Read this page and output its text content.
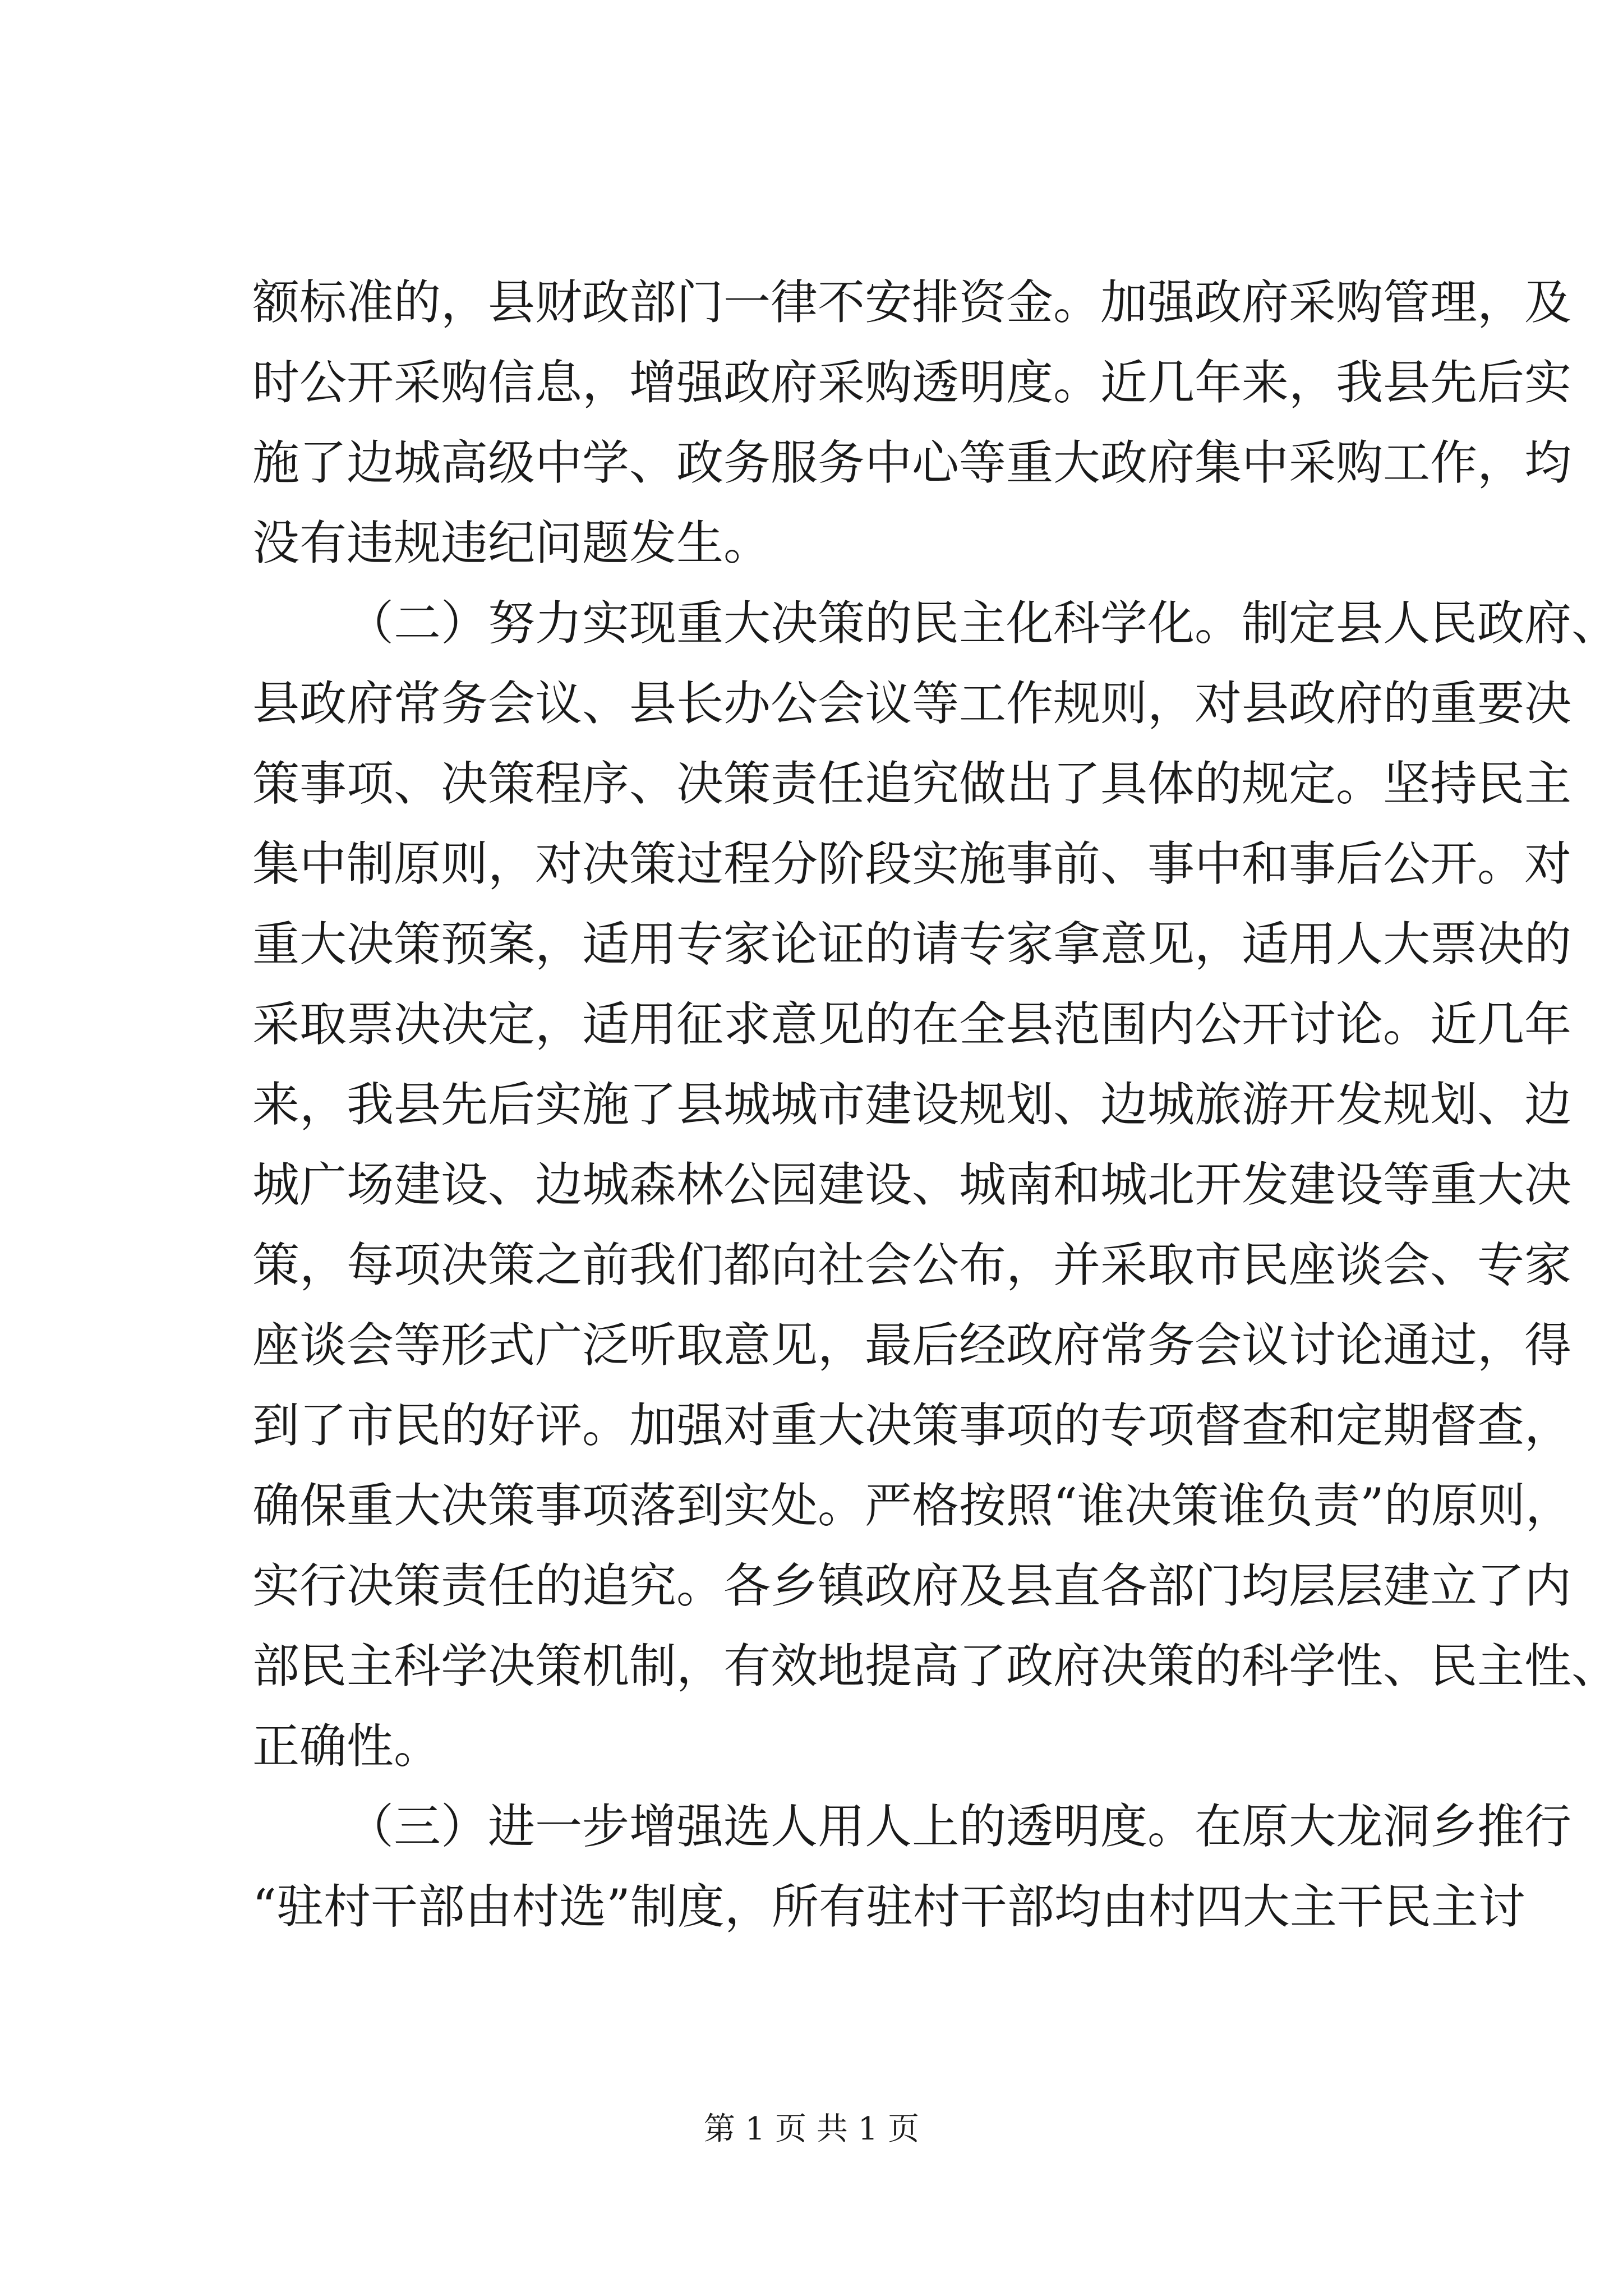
额标准的，县财政部门一律不安排资金。加强政府采购管理，及
时公开采购信息，增强政府采购透明度。近几年来，我县先后实
施了边城高级中学、政务服务中心等重大政府集中采购工作，均
没有违规违纪问题发生。
（二）努力实现重大决策的民主化科学化。制定县人民政府、
县政府常务会议、县长办公会议等工作规则，对县政府的重要决
策事项、决策程序、决策责任追究做出了具体的规定。坚持民主
集中制原则，对决策过程分阶段实施事前、事中和事后公开。对
重大决策预案，适用专家论证的请专家拿意见，适用人大票决的
采取票决决定，适用征求意见的在全县范围内公开讨论。近几年
来，我县先后实施了县城城市建设规划、边城旅游开发规划、边
城广场建设、边城森林公园建设、城南和城北开发建设等重大决
策，每项决策之前我们都向社会公布，并采取市民座谈会、专家
座谈会等形式广泛听取意见，最后经政府常务会议讨论通过，得
到了市民的好评。加强对重大决策事项的专项督查和定期督查，
确保重大决策事项落到实处。严格按照“谁决策谁负责”的原则，
实行决策责任的追究。各乡镇政府及县直各部门均层层建立了内
部民主科学决策机制，有效地提高了政府决策的科学性、民主性、
正确性。
（三）进一步增强选人用人上的透明度。在原大龙洞乡推行
“驻村干部由村选”制度，所有驻村干部均由村四大主干民主讨
第 1 页 共 1 页
